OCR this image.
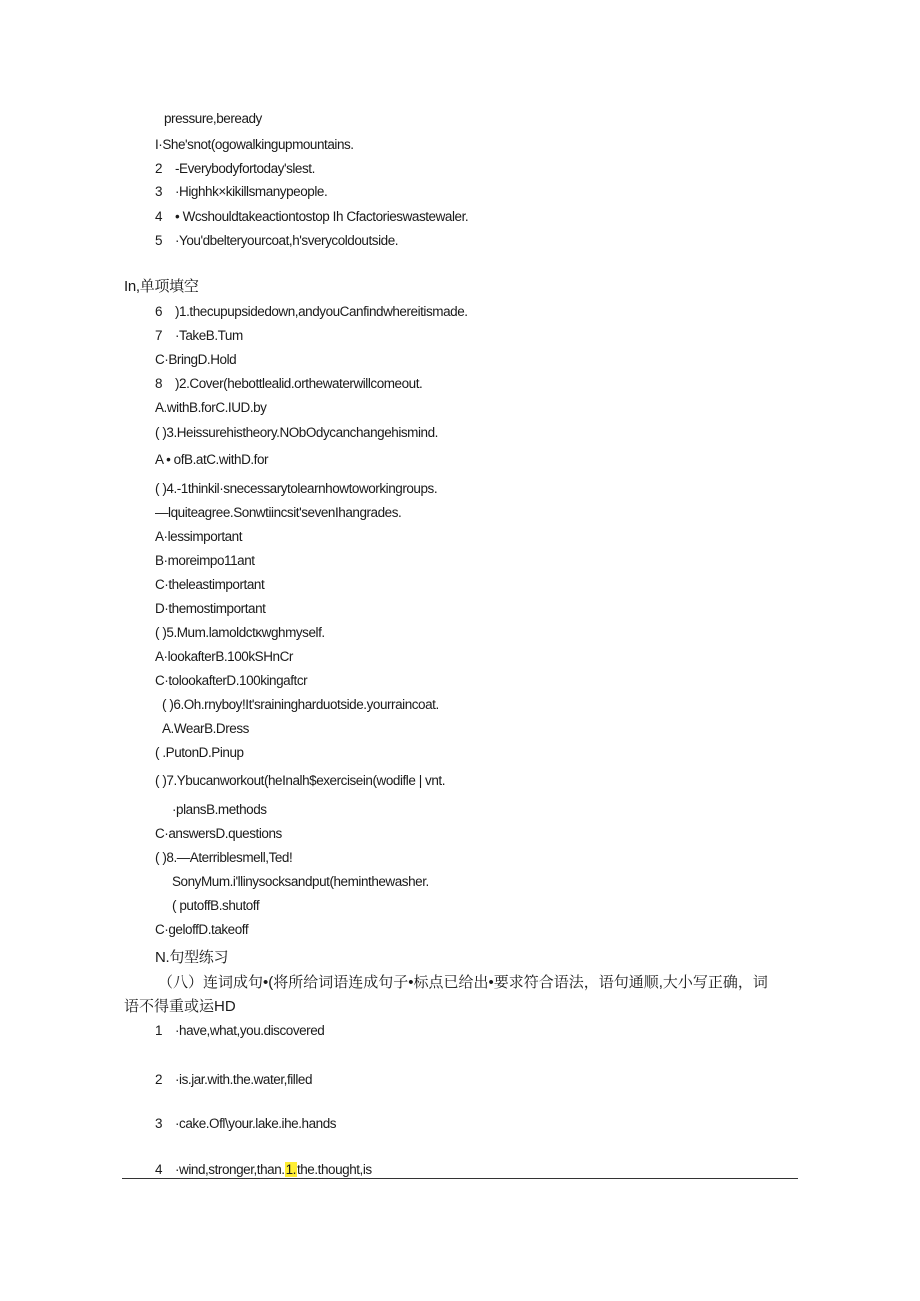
pressure,beready
I·She'snot(ogowalkingupmountains.
2 -Everybodyfortoday'slest.
3 ·Highhk×kikillsmanypeople.
4 • Wcshouldtakeactiontostop Ih Cfactorieswastewaler.
5 ·You'dbelteryourcoat,h'sverycoldoutside.
In,单项填空
6 )1.thecupupsidedown,andyouCanfindwhereitismade.
7 ·TakeB.Tum
C·BringD.Hold
8 )2.Cover(hebottlealid.orthewaterwillcomeout.
A.withB.forC.IUD.by
( )3.Heissurehistheory.NObOdycanchangehismind.
A • ofB.atC.withD.for
( )4.-1thinkil·snecessarytolearnhowtoworkingroups.
—lquiteagree.Sonwtiincsit'sevenIhangrades.
A·lessimportant
B·moreimpo11ant
C·theleastimportant
D·themostimportant
( )5.Mum.lamoldctκwghmyself.
A·lookafterB.100kSHnCr
C·tolookafterD.100kingaftcr
( )6.Oh.rnyboy!It'srainingharduotside.yourraincoat.
A.WearB.Dress
( .PutonD.Pinup
( )7.Ybucanworkout(heInalh$exercisein(wodifle | vnt.
·plansB.methods
C·answersD.questions
( )8.—Aterriblesmell,Ted!
SonyMum.i'llinysocksandput(heminthewasher.
( putoffB.shutoff
C·geloffD.takeoff
N.句型练习
（八）连词成句•(将所给词语连成句子•标点已给出•要求符合语法，语句通顺,大小写正确，词
语不得重或运HD
1 ·have,what,you.discovered
2 ·is.jar.with.the.water,filled
3 ·cake.Ofl\your.lake.ihe.hands
4 ·wind,stronger,than.1.the.thought,is
